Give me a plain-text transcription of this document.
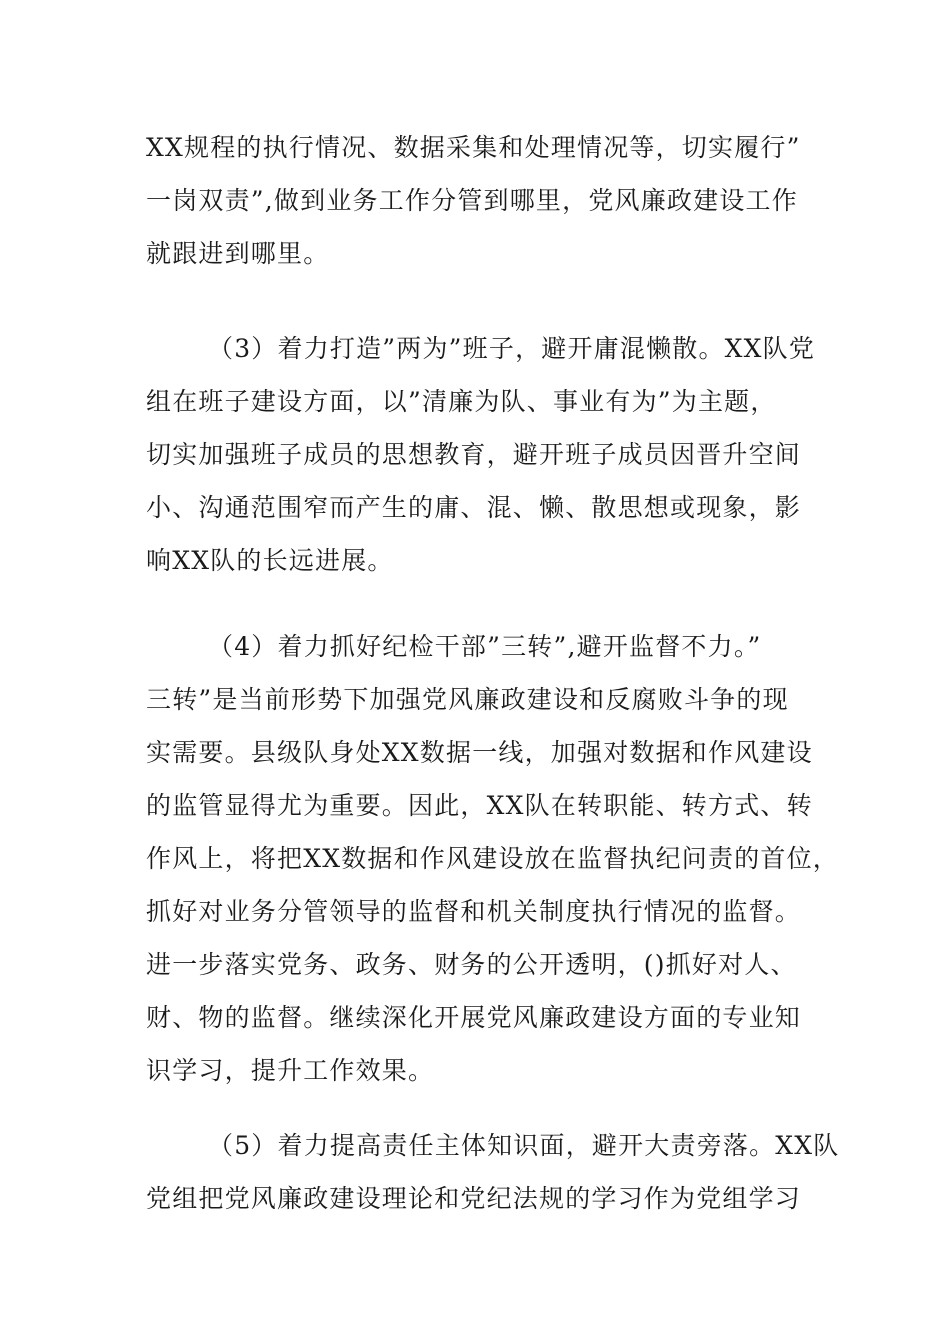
XX规程的执行情况、数据采集和处理情况等，切实履行”
一岗双责”,做到业务工作分管到哪里，党风廉政建设工作
就跟进到哪里。
（3）着力打造”两为”班子，避开庸混懒散。XX队党
组在班子建设方面，以”清廉为队、事业有为”为主题，
切实加强班子成员的思想教育，避开班子成员因晋升空间
小、沟通范围窄而产生的庸、混、懒、散思想或现象，影
响XX队的长远进展。
（4）着力抓好纪检干部”三转”,避开监督不力。”
三转”是当前形势下加强党风廉政建设和反腐败斗争的现
实需要。县级队身处XX数据一线，加强对数据和作风建设
的监管显得尤为重要。因此，XX队在转职能、转方式、转
作风上，将把XX数据和作风建设放在监督执纪问责的首位，
抓好对业务分管领导的监督和机关制度执行情况的监督。
进一步落实党务、政务、财务的公开透明，()抓好对人、
财、物的监督。继续深化开展党风廉政建设方面的专业知
识学习，提升工作效果。
（5）着力提高责任主体知识面，避开大责旁落。XX队
党组把党风廉政建设理论和党纪法规的学习作为党组学习
